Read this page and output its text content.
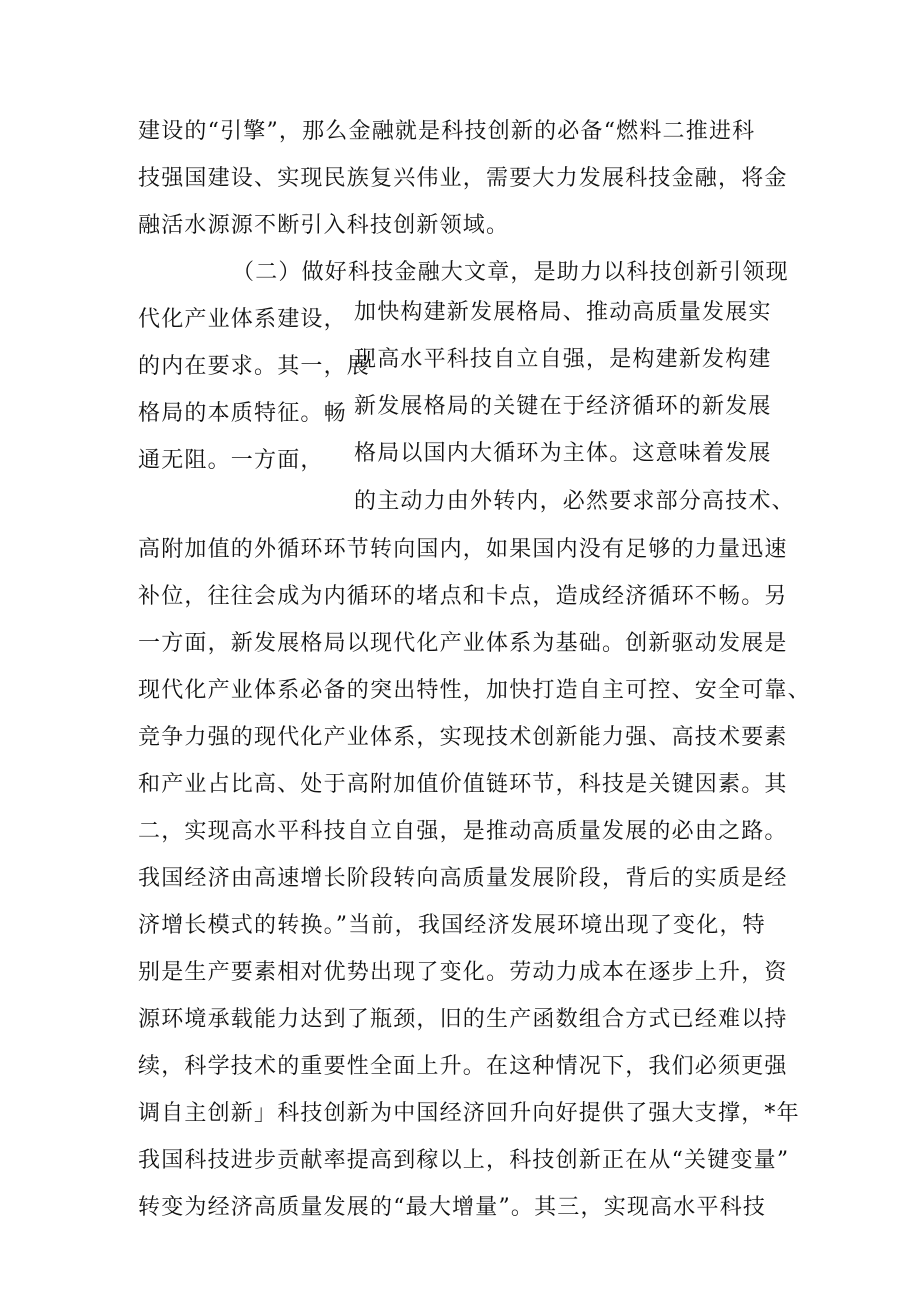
建设的“引擎”，那么金融就是科技创新的必备“燃料二推进科
技强国建设、实现民族复兴伟业，需要大力发展科技金融，将金
融活水源源不断引入科技创新领域。
（二）做好科技金融大文章，是助力以科技创新引领现
代化产业体系建设， 加快构建新发展格局、推动高质量发展实
的内在要求。其一，展
现高水平科技自立自强，是构建新发构建
格局的本质特征。畅 新发展格局的关键在于经济循环的新发展
通无阻。一方面， 格局以国内大循环为主体。这意味着发展
的主动力由外转内，必然要求部分高技术、
高附加值的外循环环节转向国内，如果国内没有足够的力量迅速
补位，往往会成为内循环的堵点和卡点，造成经济循环不畅。另
一方面，新发展格局以现代化产业体系为基础。创新驱动发展是
现代化产业体系必备的突出特性，加快打造自主可控、安全可靠、
竞争力强的现代化产业体系，实现技术创新能力强、高技术要素
和产业占比高、处于高附加值价值链环节，科技是关键因素。其
二，实现高水平科技自立自强，是推动高质量发展的必由之路。
我国经济由高速增长阶段转向高质量发展阶段，背后的实质是经
济增长模式的转换。”当前，我国经济发展环境出现了变化，特
别是生产要素相对优势出现了变化。劳动力成本在逐步上升，资
源环境承载能力达到了瓶颈，旧的生产函数组合方式已经难以持
续，科学技术的重要性全面上升。在这种情况下，我们必须更强
调自主创新」科技创新为中国经济回升向好提供了强大支撑，*年
我国科技进步贡献率提高到稼以上，科技创新正在从“关键变量”
转变为经济高质量发展的“最大增量”。其三，实现高水平科技
